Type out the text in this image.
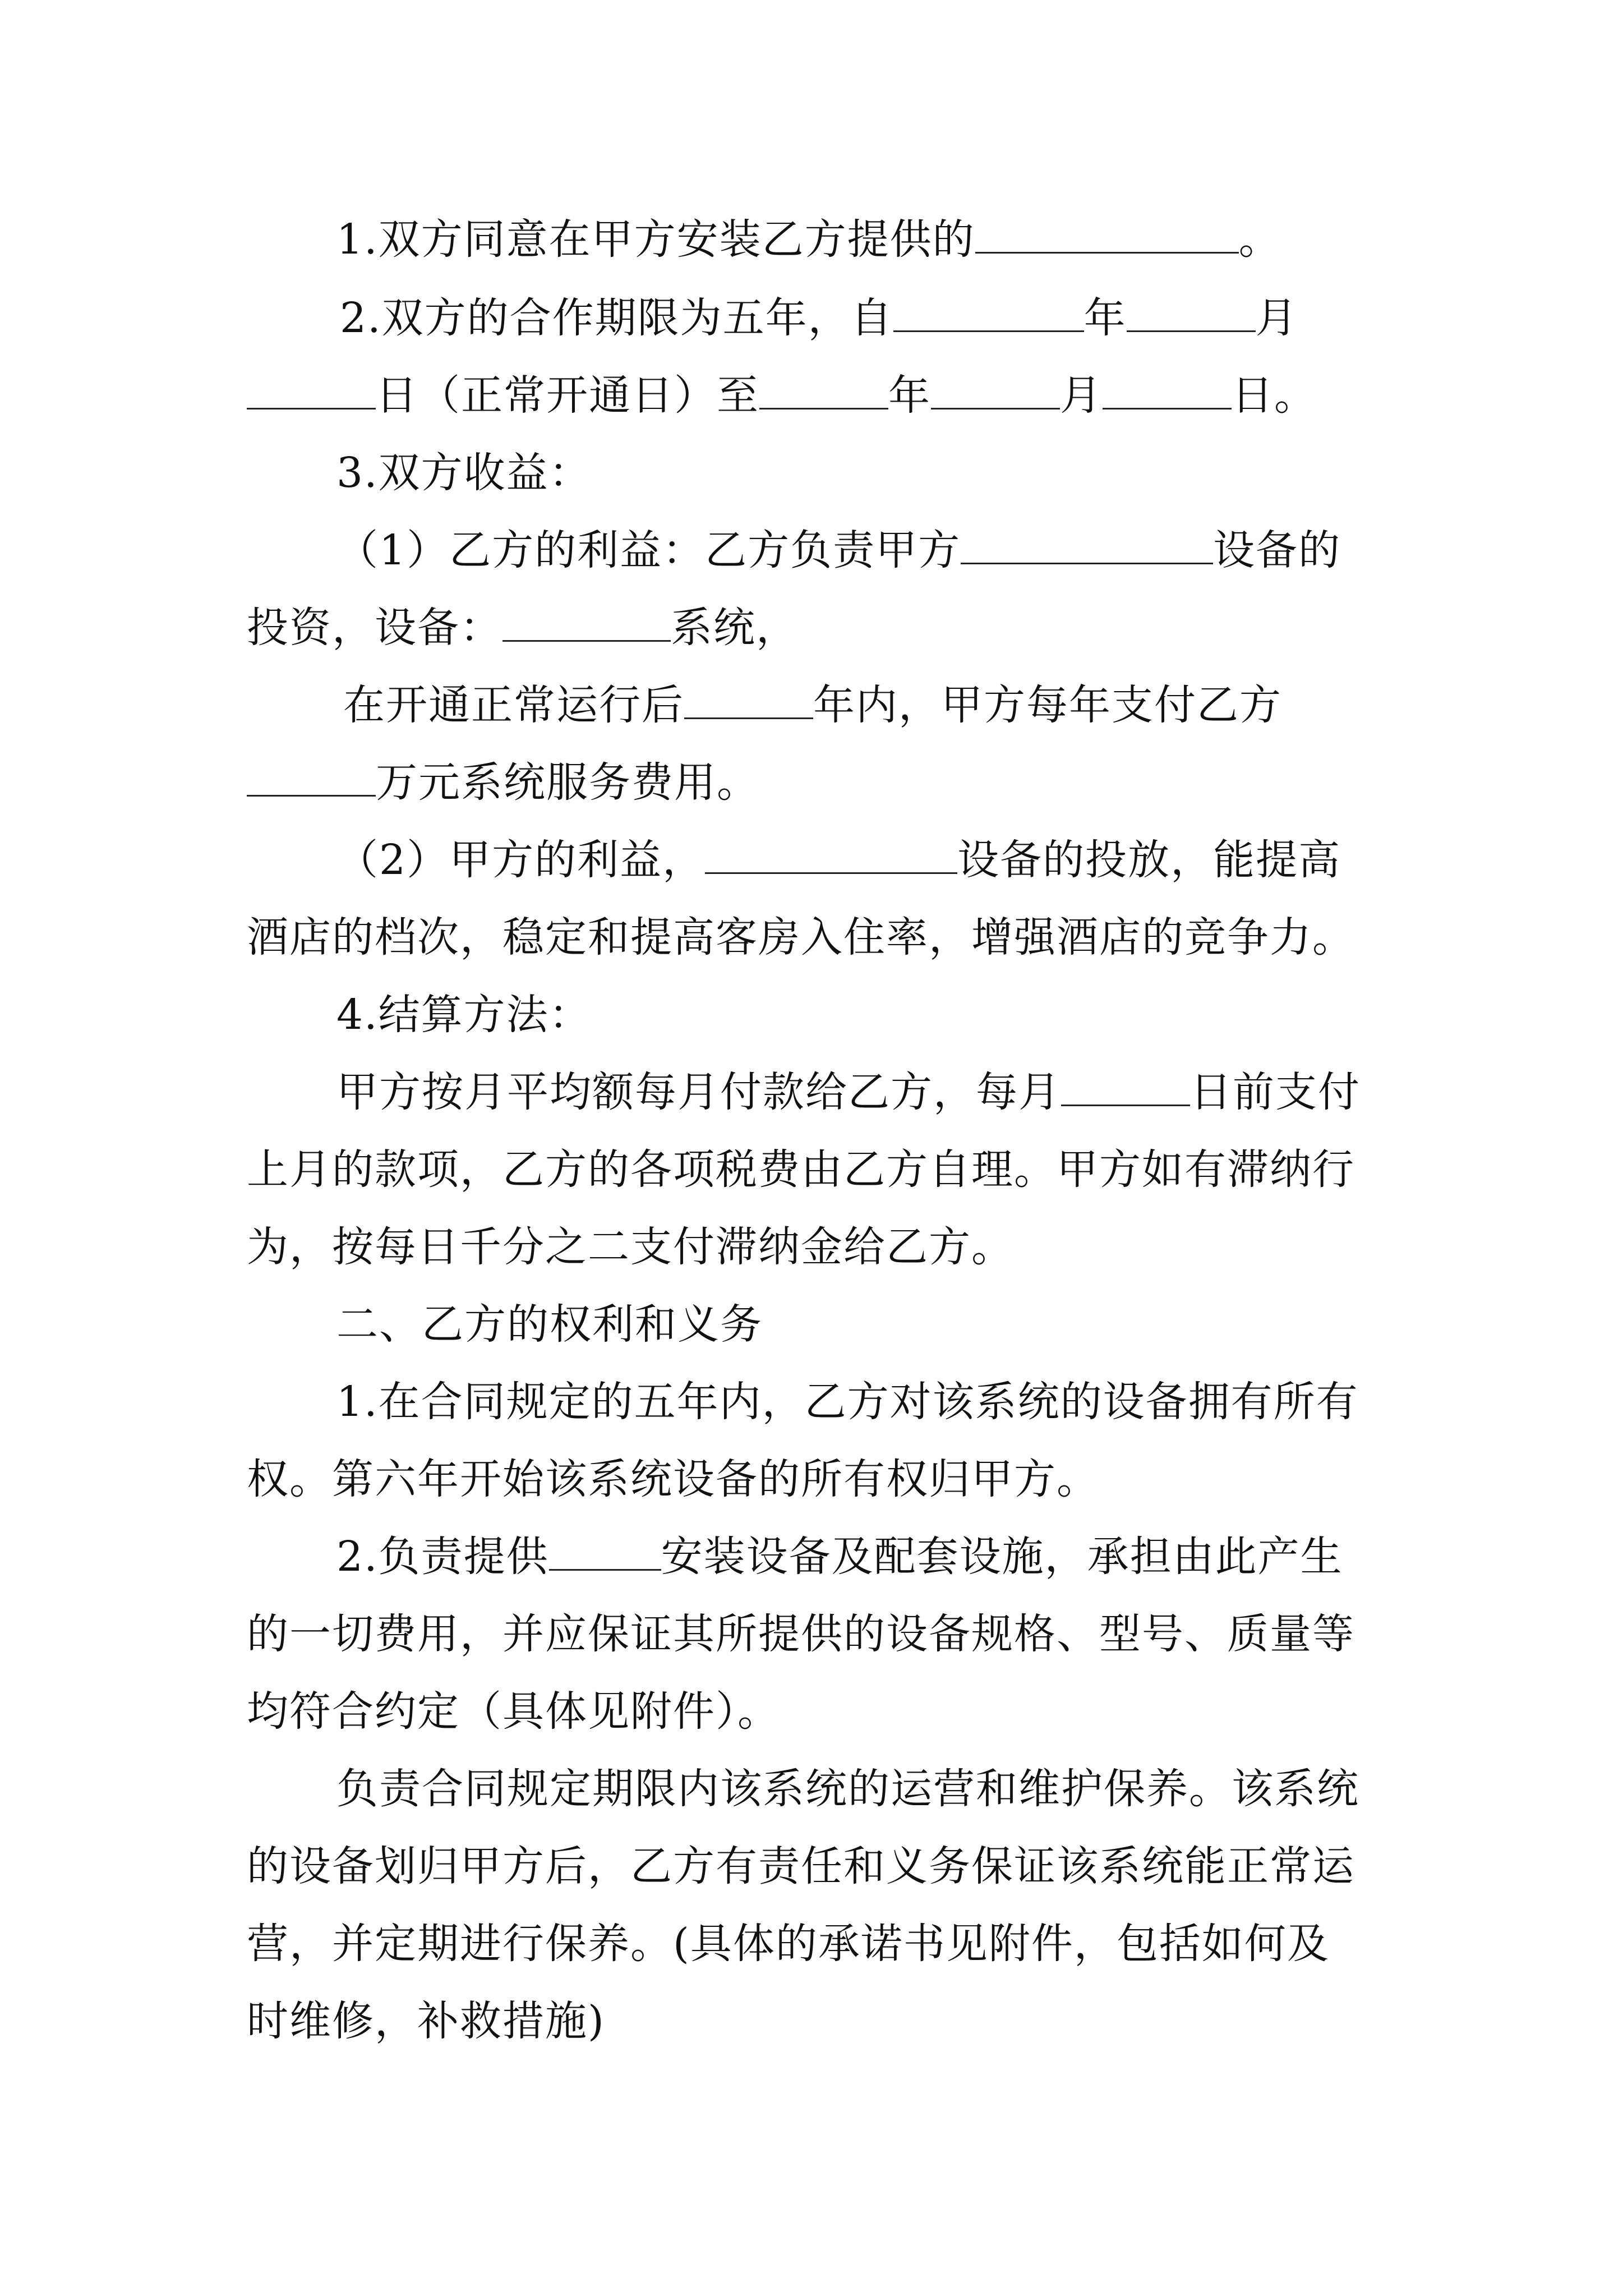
1.双方同意在甲方安装乙方提供的	。
2.双方的合作期限为五年，自	年	月
日（正常开通日）至	年	月	日。
3.双方收益：
（1）乙方的利益：乙方负责甲方	设备的
投资，设备：	系统，
在开通正常运行后	年内，甲方每年支付乙方
万元系统服务费用。
（2）甲方的利益，	设备的投放，能提高
酒店的档次，稳定和提高客房入住率，增强酒店的竞争力。
4.结算方法：
甲方按月平均额每月付款给乙方，每月	日前支付
上月的款项，乙方的各项税费由乙方自理。甲方如有滞纳行
为，按每日千分之二支付滞纳金给乙方。
二、乙方的权利和义务
1.在合同规定的五年内，乙方对该系统的设备拥有所有
权。第六年开始该系统设备的所有权归甲方。
2.负责提供	安装设备及配套设施，承担由此产生
的一切费用，并应保证其所提供的设备规格、型号、质量等
均符合约定（具体见附件）。
负责合同规定期限内该系统的运营和维护保养。该系统
的设备划归甲方后，乙方有责任和义务保证该系统能正常运
营，并定期进行保养。(具体的承诺书见附件，包括如何及
时维修，补救措施)
